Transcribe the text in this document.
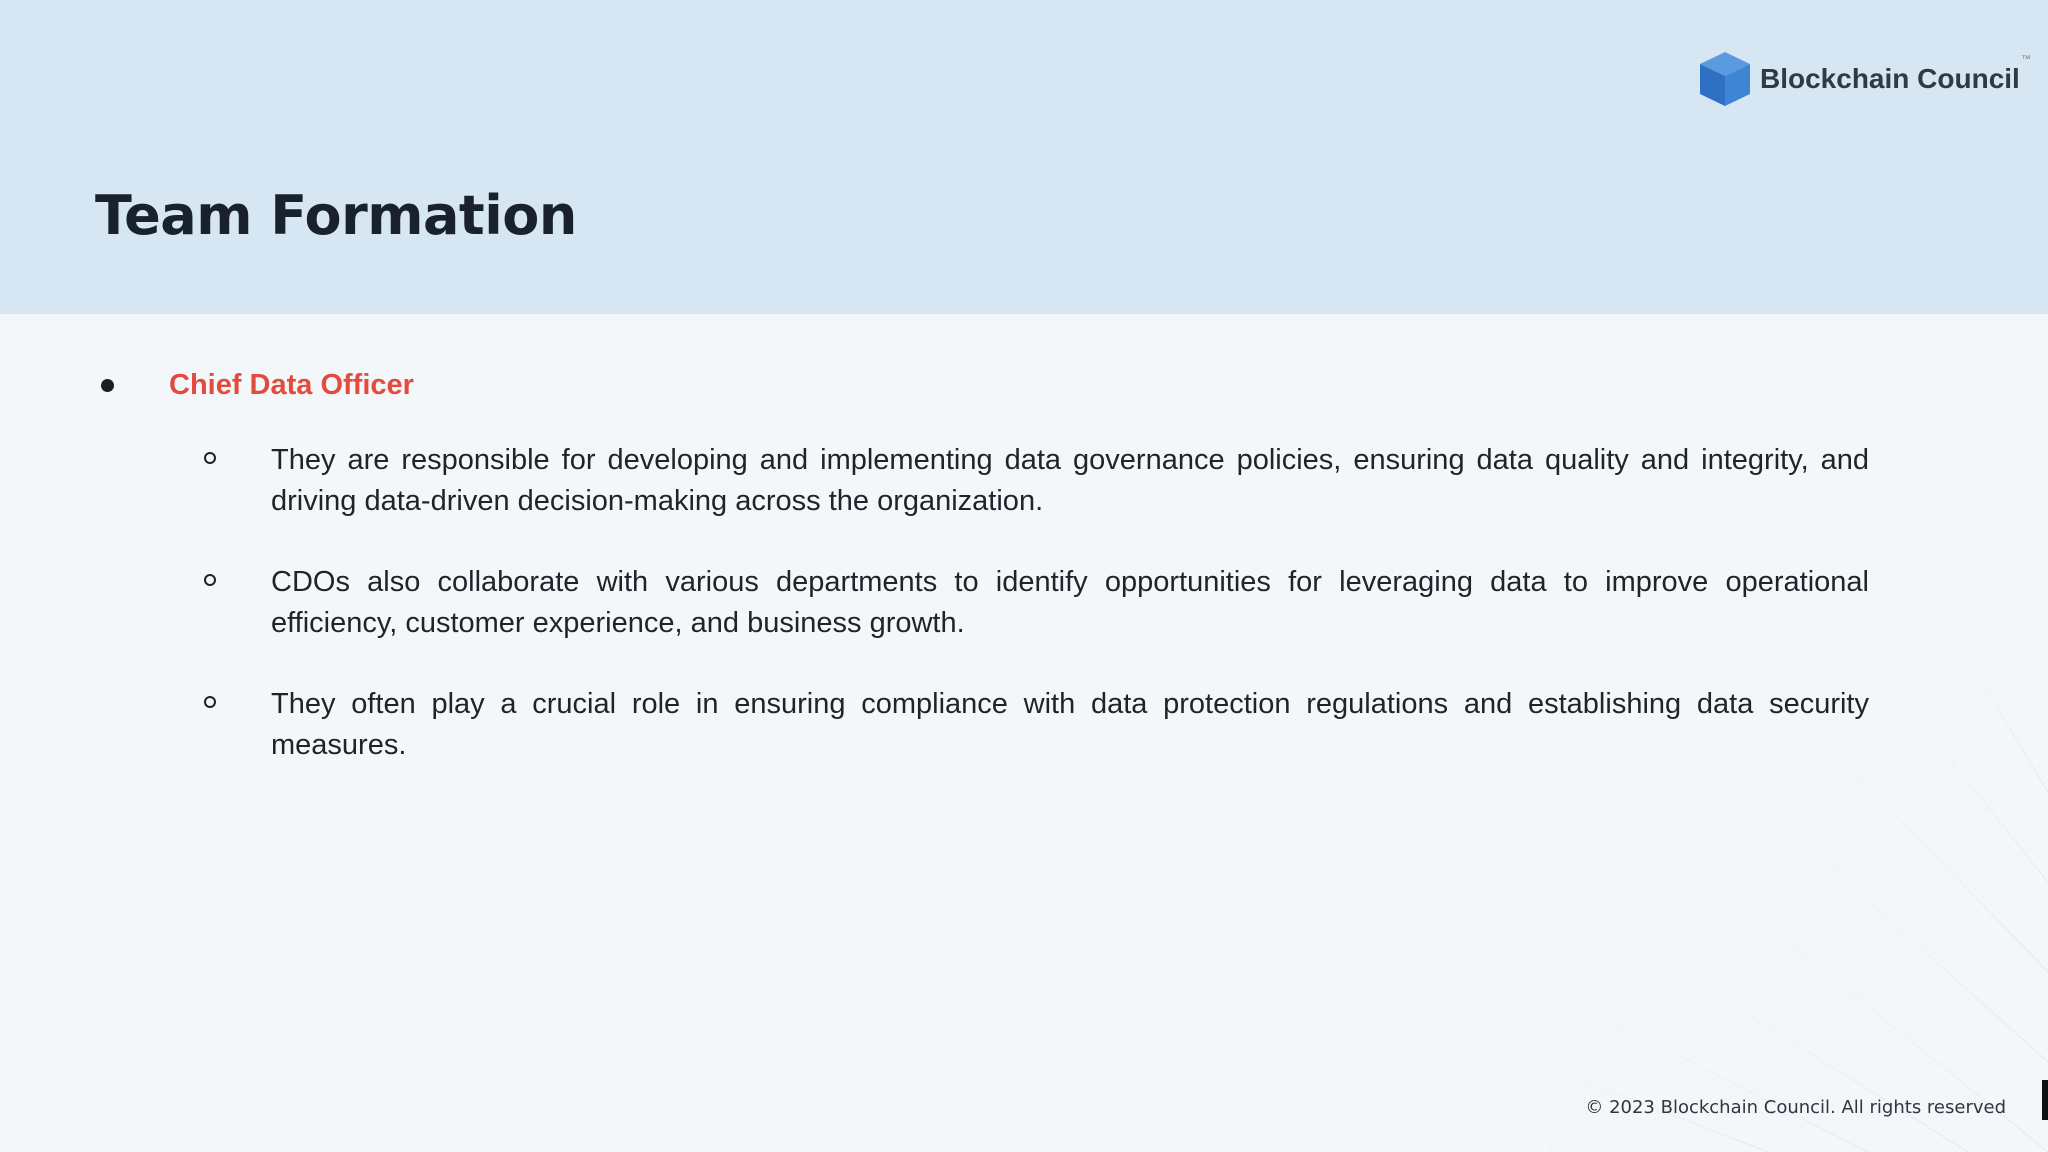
Team Formation
Blockchain Council
™
Chief Data Officer
They are responsible for developing and implementing data governance policies, ensuring data quality and integrity, and driving data-driven decision-making across the organization.
CDOs also collaborate with various departments to identify opportunities for leveraging data to improve operational efficiency, customer experience, and business growth.
They often play a crucial role in ensuring compliance with data protection regulations and establishing data security measures.
© 2023 Blockchain Council. All rights reserved
